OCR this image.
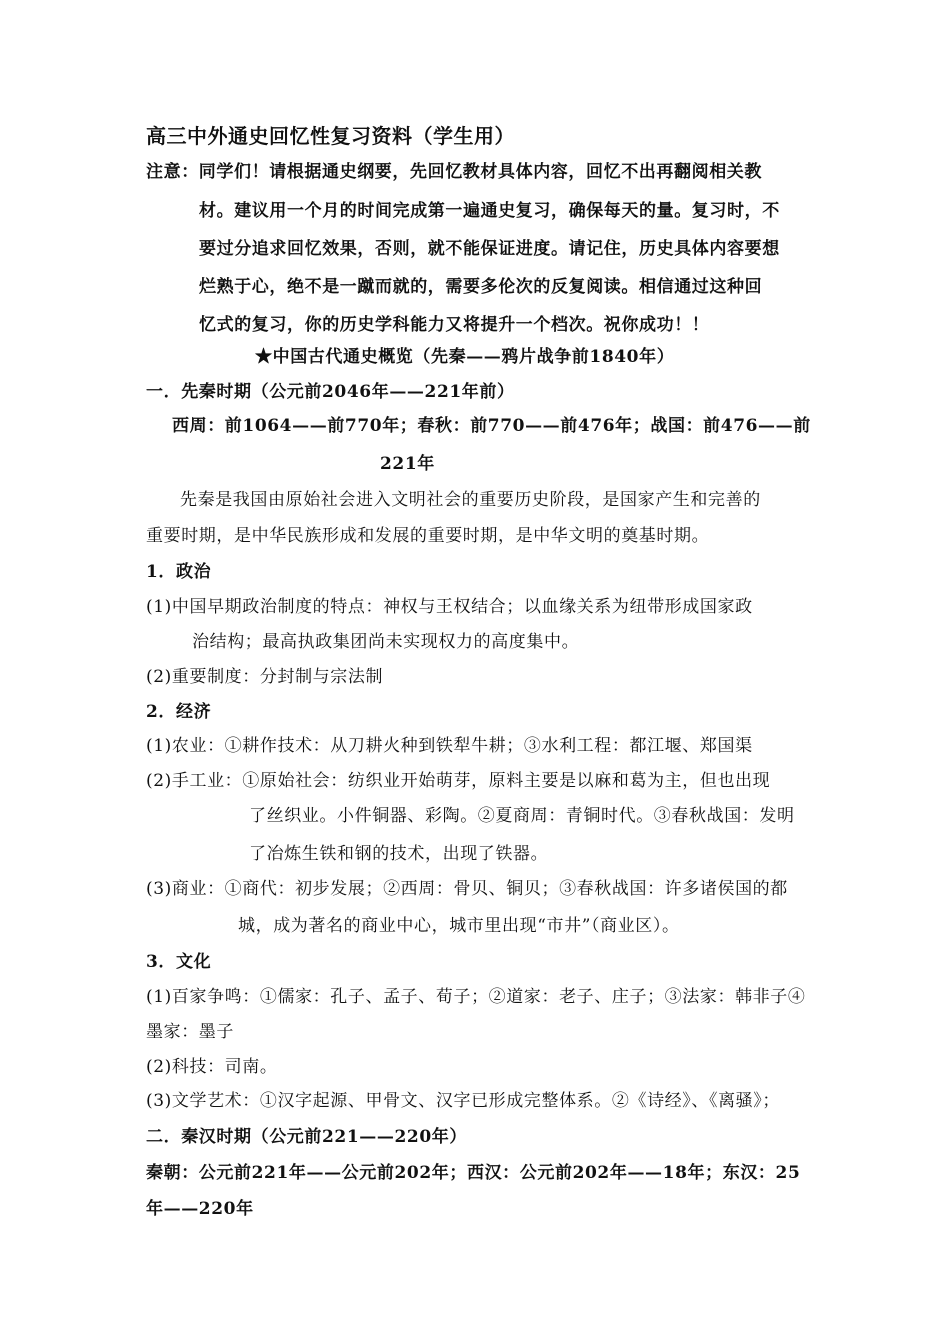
高三中外通史回忆性复习资料（学生用）
注意：同学们！请根据通史纲要，先回忆教材具体内容，回忆不出再翻阅相关教
材。建议用一个月的时间完成第一遍通史复习，确保每天的量。复习时，不
要过分追求回忆效果，否则，就不能保证进度。请记住，历史具体内容要想
烂熟于心，绝不是一蹴而就的，需要多伦次的反复阅读。相信通过这种回
忆式的复习，你的历史学科能力又将提升一个档次。祝你成功！！
★中国古代通史概览（先秦——鸦片战争前1840年）
一．先秦时期（公元前2046年——221年前）
西周：前1064——前770年；春秋：前770——前476年；战国：前476——前
221年
先秦是我国由原始社会进入文明社会的重要历史阶段，是国家产生和完善的
重要时期，是中华民族形成和发展的重要时期，是中华文明的奠基时期。
1．政治
(1)中国早期政治制度的特点：神权与王权结合；以血缘关系为纽带形成国家政
治结构；最高执政集团尚未实现权力的高度集中。
(2)重要制度：分封制与宗法制
2．经济
(1)农业：①耕作技术：从刀耕火种到铁犁牛耕；③水利工程：都江堰、郑国渠
(2)手工业：①原始社会：纺织业开始萌芽，原料主要是以麻和葛为主，但也出现
了丝织业。小件铜器、彩陶。②夏商周：青铜时代。③春秋战国：发明
了冶炼生铁和钢的技术，出现了铁器。
(3)商业：①商代：初步发展；②西周：骨贝、铜贝；③春秋战国：许多诸侯国的都
城，成为著名的商业中心，城市里出现“市井”（商业区）。
3．文化
(1)百家争鸣：①儒家：孔子、孟子、荀子；②道家：老子、庄子；③法家：韩非子④
墨家：墨子
(2)科技：司南。
(3)文学艺术：①汉字起源、甲骨文、汉字已形成完整体系。②《诗经》、《离骚》；
二．秦汉时期（公元前221——220年）
秦朝：公元前221年——公元前202年；西汉：公元前202年——18年；东汉：25
年——220年
